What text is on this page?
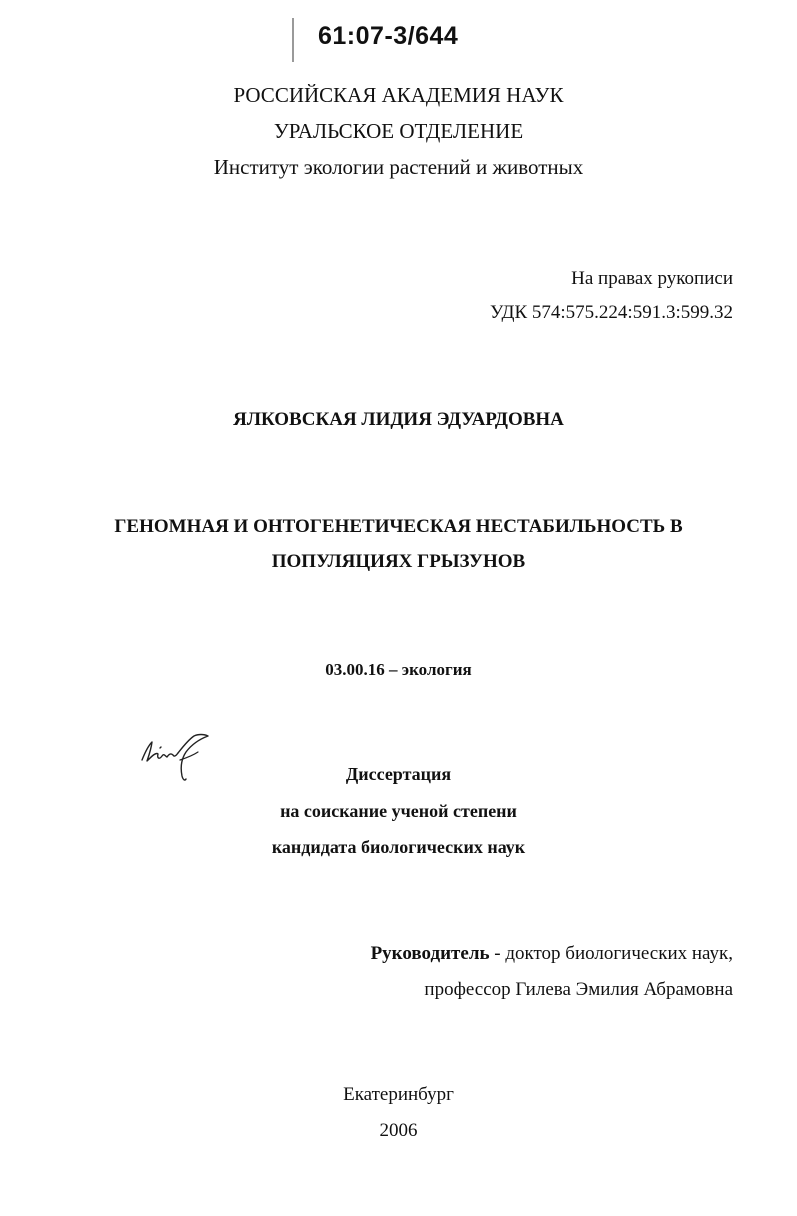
61:07-3/644
РОССИЙСКАЯ АКАДЕМИЯ НАУК
УРАЛЬСКОЕ ОТДЕЛЕНИЕ
Институт экологии растений и животных
На правах рукописи
УДК 574:575.224:591.3:599.32
ЯЛКОВСКАЯ ЛИДИЯ ЭДУАРДОВНА
ГЕНОМНАЯ И ОНТОГЕНЕТИЧЕСКАЯ НЕСТАБИЛЬНОСТЬ В
ПОПУЛЯЦИЯХ ГРЫЗУНОВ
03.00.16 – экология
Диссертация
на соискание ученой степени
кандидата биологических наук
Руководитель - доктор биологических наук,
профессор Гилева Эмилия Абрамовна
Екатеринбург
2006
